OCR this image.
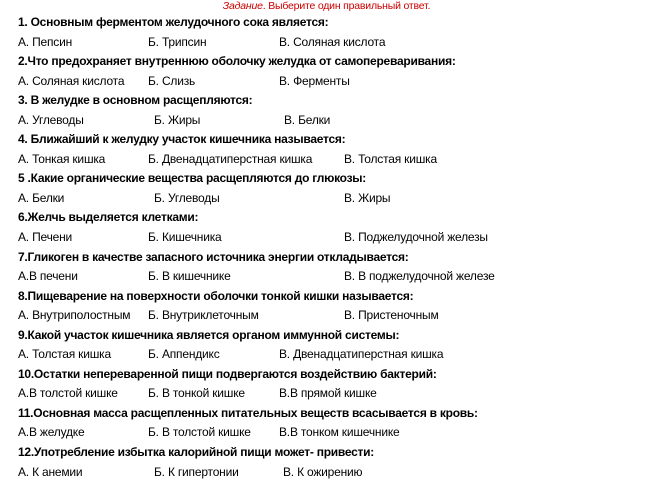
Задание. Выберите один правильный ответ.
1. Основным ферментом желудочного сока является:
А. Пепсин	Б. Трипсин	В. Соляная кислота
2.Что предохраняет внутреннюю оболочку желудка от самопереваривания:
А. Соляная кислота Б. Слизь	В. Ферменты
3. В желудке в основном расщепляются:
А. Углеводы	Б. Жиры	В. Белки
4. Ближайший к желудку участок кишечника называется:
А. Тонкая кишка	Б. Двенадцатиперстная кишка	В. Толстая кишка
5 .Какие органические вещества расщепляются до глюкозы:
А. Белки	Б. Углеводы	В. Жиры
6.Желчь выделяется клетками:
А. Печени	Б. Кишечника	В. Поджелудочной железы
7.Гликоген в качестве запасного источника энергии откладывается:
А.В печени	Б. В кишечнике	В. В поджелудочной железе
8.Пищеварение на поверхности оболочки тонкой кишки называется:
А. Внутриполостным Б. Внутриклеточным	В. Пристеночным
9.Какой участок кишечника является органом иммунной системы:
А. Толстая кишка	Б. Аппендикс	В. Двенадцатиперстная кишка
10.Остатки непереваренной пищи подвергаются воздействию бактерий:
А.В толстой кишке	Б. В тонкой кишке	В.В прямой кишке
11.Основная масса расщепленных питательных веществ всасывается в кровь:
А.В желудке	Б. В толстой кишке В.В тонком кишечнике
12.Употребление избытка калорийной пищи может- привести:
А. К анемии	Б. К гипертонии	В. К ожирению
